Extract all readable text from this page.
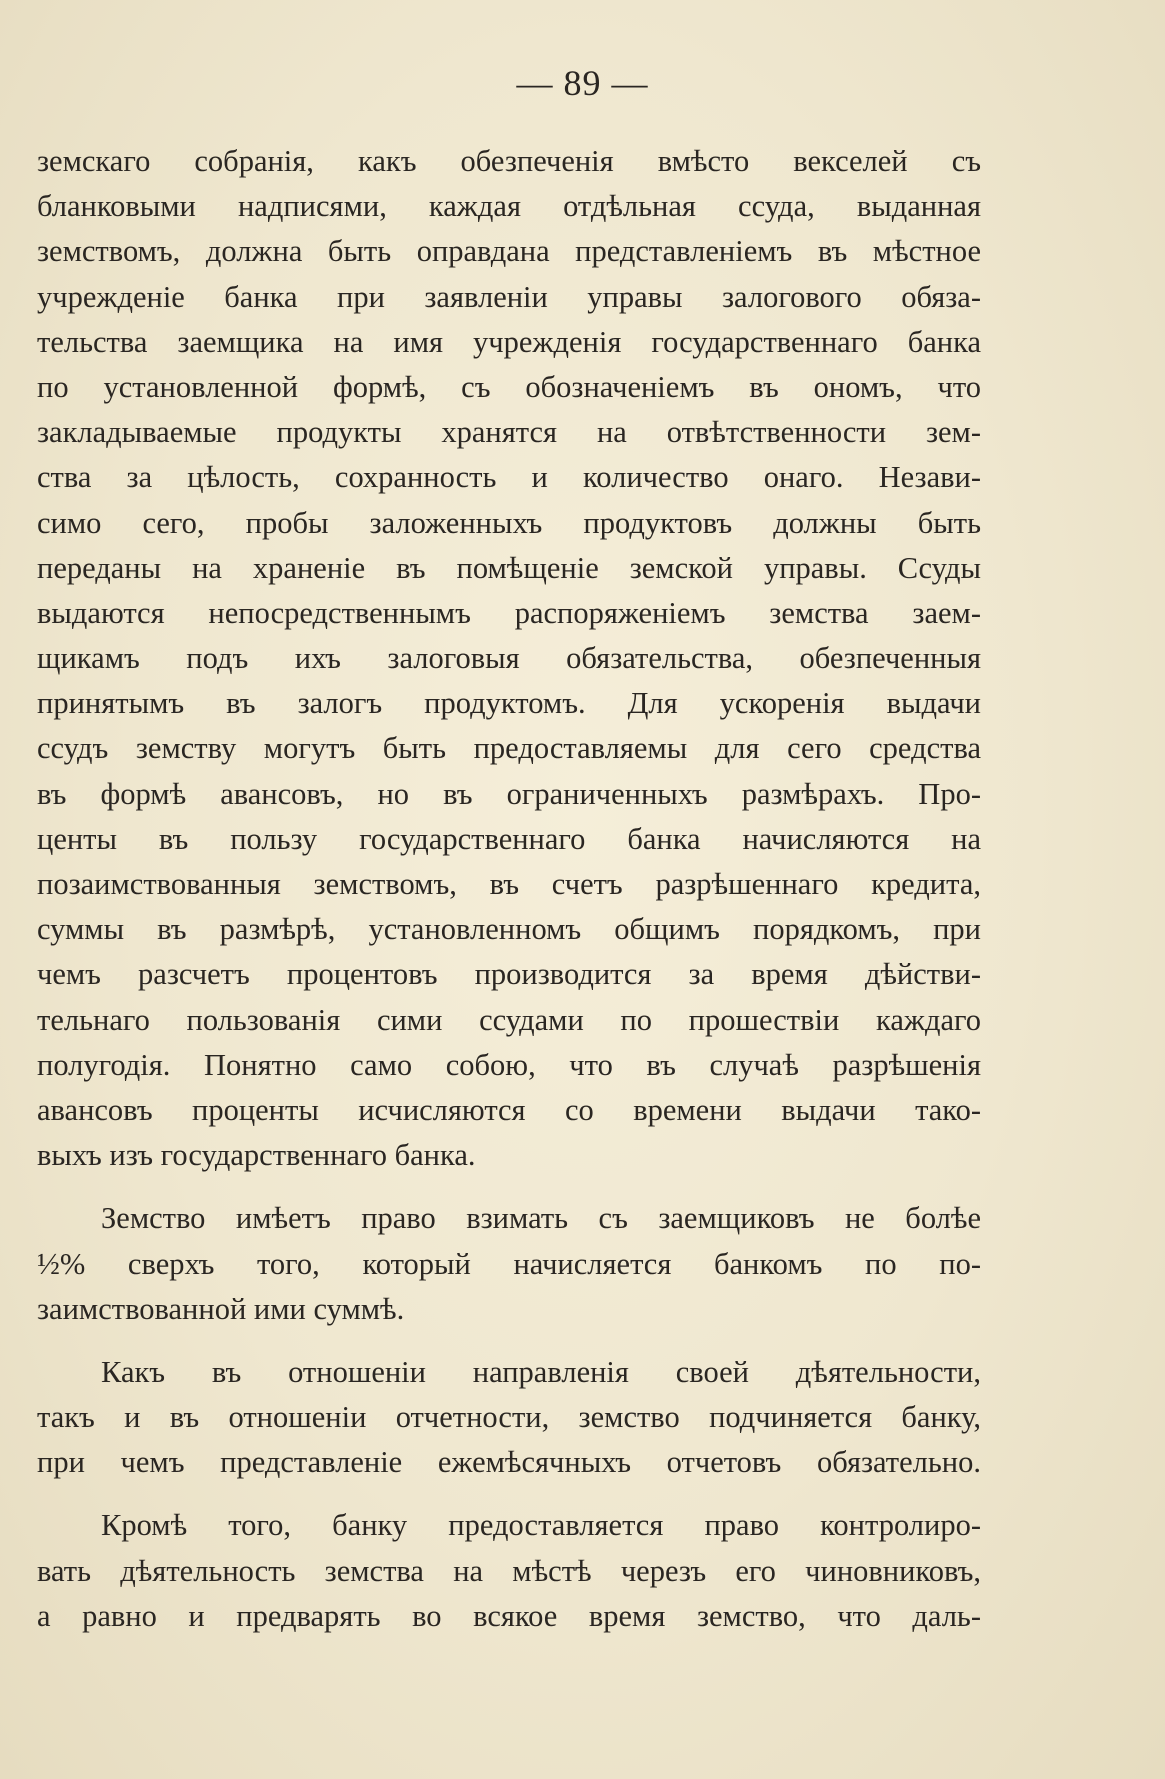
— 89 —
земскаго собранія, какъ обезпеченія вмѣсто векселей съ
бланковыми надписями, каждая отдѣльная ссуда, выданная
земствомъ, должна быть оправдана представленіемъ въ мѣстное
учрежденіе банка при заявленіи управы залогового обяза-
тельства заемщика на имя учрежденія государственнаго банка
по установленной формѣ, съ обозначеніемъ въ ономъ, что
закладываемые продукты хранятся на отвѣтственности зем-
ства за цѣлость, сохранность и количество онаго. Незави-
симо сего, пробы заложенныхъ продуктовъ должны быть
переданы на храненіе въ помѣщеніе земской управы. Ссуды
выдаются непосредственнымъ распоряженіемъ земства заем-
щикамъ подъ ихъ залоговыя обязательства, обезпеченныя
принятымъ въ залогъ продуктомъ. Для ускоренія выдачи
ссудъ земству могутъ быть предоставляемы для сего средства
въ формѣ авансовъ, но въ ограниченныхъ размѣрахъ. Про-
центы въ пользу государственнаго банка начисляются на
позаимствованныя земствомъ, въ счетъ разрѣшеннаго кредита,
суммы въ размѣрѣ, установленномъ общимъ порядкомъ, при
чемъ разсчетъ процентовъ производится за время дѣйстви-
тельнаго пользованія сими ссудами по прошествіи каждаго
полугодія. Понятно само собою, что въ случаѣ разрѣшенія
авансовъ проценты исчисляются со времени выдачи тако-
выхъ изъ государственнаго банка.
Земство имѣетъ право взимать съ заемщиковъ не болѣе
½% сверхъ того, который начисляется банкомъ по по-
заимствованной ими суммѣ.
Какъ въ отношеніи направленія своей дѣятельности,
такъ и въ отношеніи отчетности, земство подчиняется банку,
при чемъ представленіе ежемѣсячныхъ отчетовъ обязательно.
Кромѣ того, банку предоставляется право контролиро-
вать дѣятельность земства на мѣстѣ черезъ его чиновниковъ,
а равно и предварять во всякое время земство, что даль-
